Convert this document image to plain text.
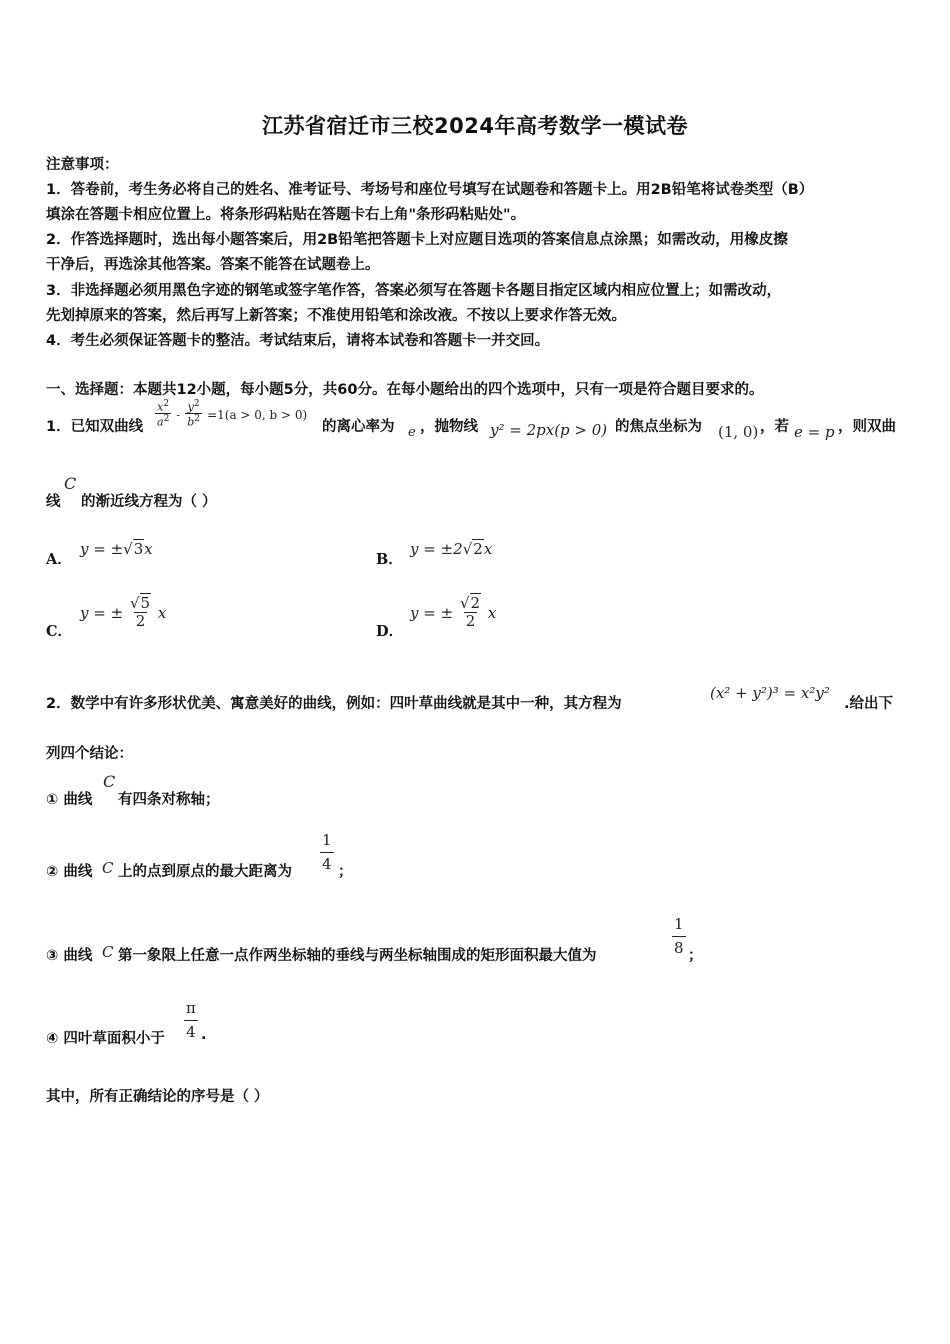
江苏省宿迁市三校2024年高考数学一模试卷
注意事项：
1．答卷前，考生务必将自己的姓名、准考证号、考场号和座位号填写在试题卷和答题卡上。用2B铅笔将试卷类型（B）
填涂在答题卡相应位置上。将条形码粘贴在答题卡右上角"条形码粘贴处"。
2．作答选择题时，选出每小题答案后，用2B铅笔把答题卡上对应题目选项的答案信息点涂黑；如需改动，用橡皮擦
干净后，再选涂其他答案。答案不能答在试题卷上。
3．非选择题必须用黑色字迹的钢笔或签字笔作答，答案必须写在答题卡各题目指定区域内相应位置上；如需改动，
先划掉原来的答案，然后再写上新答案；不准使用铅笔和涂改液。不按以上要求作答无效。
4．考生必须保证答题卡的整洁。考试结束后，请将本试卷和答题卡一并交回。
一、选择题：本题共12小题，每小题5分，共60分。在每小题给出的四个选项中，只有一项是符合题目要求的。
1．已知双曲线 $\frac{x^2}{a^2} - \frac{y^2}{b^2} =1(a > 0$, b > 0)
的离心率为 e ，抛物线 y² = 2px(p > 0) 的焦点坐标为 (1, 0) ，若 e = p ，则双曲
线
C
的渐近线方程为（ ）
A．
y = ±√3x
B．
y = ±2√2x
C．
y = ± $\frac{√5}{2}$ x
D．
y = ± $\frac{√2}{2}$ x
2．数学中有许多形状优美、寓意美好的曲线，例如：四叶草曲线就是其中一种，其方程为
(x² + y²)³ = x²y²
.给出下
列四个结论：
① 曲线
C
有四条对称轴；
② 曲线 C 上的点到原点的最大距离为 $\frac{1}{4}$ ；
③ 曲线 C 第一象限上任意一点作两坐标轴的垂线与两坐标轴围成的矩形面积最大值为	$\frac{1}{8}$ ；
④ 四叶草面积小于 $\frac{\pi}{4}$ .
其中，所有正确结论的序号是（ ）
